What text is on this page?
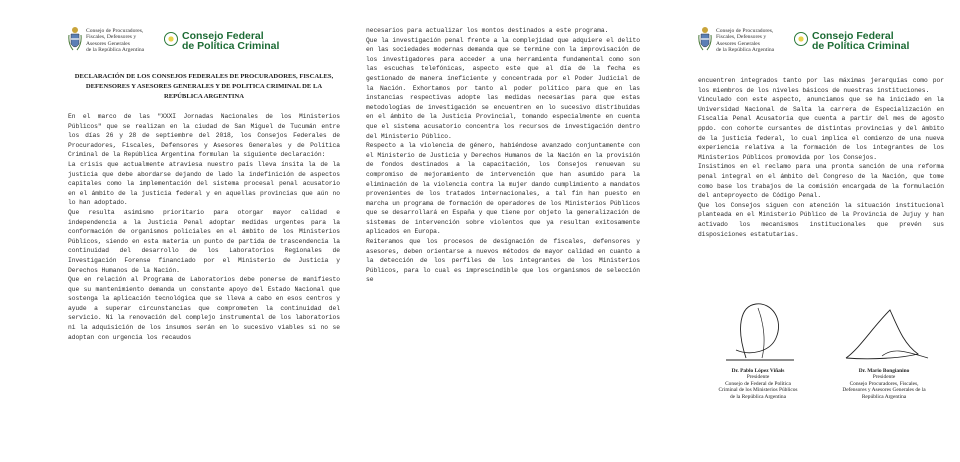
Consejo de Procuradores,
Fiscales, Defensores y
Asesores Generales
de la República Argentina
Consejo Federal
de Política Criminal
DECLARACIÓN DE LOS CONSEJOS FEDERALES DE PROCURADORES, FISCALES, DEFENSORES Y ASESORES GENERALES Y DE POLITICA CRIMINAL DE LA REPÚBLICA ARGENTINA

En el marco de las "XXXI Jornadas Nacionales de los Ministerios Públicos" que se realizan en la ciudad de San Miguel de Tucumán entre los días 26 y 28 de septiembre del 2018, los Consejos Federales de Procuradores, Fiscales, Defensores y Asesores Generales y de Política Criminal de la República Argentina formulan la siguiente declaración:

La crisis que actualmente atraviesa nuestro país lleva ínsita la de la justicia que debe abordarse dejando de lado la indefinición de aspectos capitales como la implementación del sistema procesal penal acusatorio en el ámbito de la justicia federal y en aquellas provincias que aún no lo han adoptado.

Que resulta asimismo prioritario para otorgar mayor calidad e independencia a la Justicia Penal adoptar medidas urgentes para la conformación de organismos policiales en el ámbito de los Ministerios Públicos, siendo en esta materia un punto de partida de trascendencia la continuidad del desarrollo de los Laboratorios Regionales de Investigación Forense financiado por el Ministerio de Justicia y Derechos Humanos de la Nación.

Que en relación al Programa de Laboratorios debe ponerse de manifiesto que su mantenimiento demanda un constante apoyo del Estado Nacional que sostenga la aplicación tecnológica que se lleva a cabo en esos centros y ayude a superar circunstancias que comprometen la continuidad del servicio. Ni la renovación del complejo instrumental de los laboratorios ni la adquisición de los insumos serán en lo sucesivo viables si no se adoptan con urgencia los recaudos

necesarios para actualizar los montos destinados a este programa.

Que la investigación penal frente a la complejidad que adquiere el delito en las sociedades modernas demanda que se termine con la improvisación de los investigadores para acceder a una herramienta fundamental como son las escuchas telefónicas, aspecto este que al día de la fecha es gestionado de manera ineficiente y concentrada por el Poder Judicial de la Nación. Exhortamos por tanto al poder político para que en las instancias respectivas adopte las medidas necesarias para que estas metodologías de investigación se encuentren en lo sucesivo distribuidas en el ámbito de la Justicia Provincial, tomando especialmente en cuenta que el sistema acusatorio concentra los recursos de investigación dentro del Ministerio Público.

Respecto a la violencia de género, habiéndose avanzado conjuntamente con el Ministerio de Justicia y Derechos Humanos de la Nación en la provisión de fondos destinados a la capacitación, los Consejos renuevan su compromiso de mejoramiento de intervención que han asumido para la eliminación de la violencia contra la mujer dando cumplimiento a mandatos provenientes de los tratados internacionales, a tal fin han puesto en marcha un programa de formación de operadores de los Ministerios Públicos que se desarrollará en España y que tiene por objeto la generalización de sistemas de intervención sobre violentos que ya resultan exitosamente aplicados en Europa.

Reiteramos que los procesos de designación de fiscales, defensores y asesores, deben orientarse a nuevos métodos de mayor calidad en cuanto a la detección de los perfiles de los integrantes de los Ministerios Públicos, para lo cual es imprescindible que los organismos de selección se

Consejo de Procuradores,
Fiscales, Defensores y
Asesores Generales
de la República Argentina
Consejo Federal
de Política Criminal

encuentren integrados tanto por las máximas jerarquías como por los miembros de los niveles básicos de nuestras instituciones.

Vinculado con este aspecto, anunciamos que se ha iniciado en la Universidad Nacional de Salta la carrera de Especialización en Fiscalía Penal Acusatoria que cuenta a partir del mes de agosto ppdo. con cohorte cursantes de distintas provincias y del ámbito de la justicia federal, lo cual implica el comienzo de una nueva experiencia relativa a la formación de los integrantes de los Ministerios Públicos promovida por los Consejos.

Insistimos en el reclamo para una pronta sanción de una reforma penal integral en el ámbito del Congreso de la Nación, que tome como base los trabajos de la comisión encargada de la formulación del anteproyecto de Código Penal.

Que los Consejos siguen con atención la situación institucional planteada en el Ministerio Público de la Provincia de Jujuy y han activado los mecanismos institucionales que prevén sus disposiciones estatutarias.

Dr. Pablo López Viñals
Presidente
Consejo de Federal de Política
Criminal de los Ministerios Públicos
de la República Argentina
Dr. Mario Bongianino
Presidente
Consejo Procuradores, Fiscales,
Defensores y Asesores Generales de la
República Argentina
